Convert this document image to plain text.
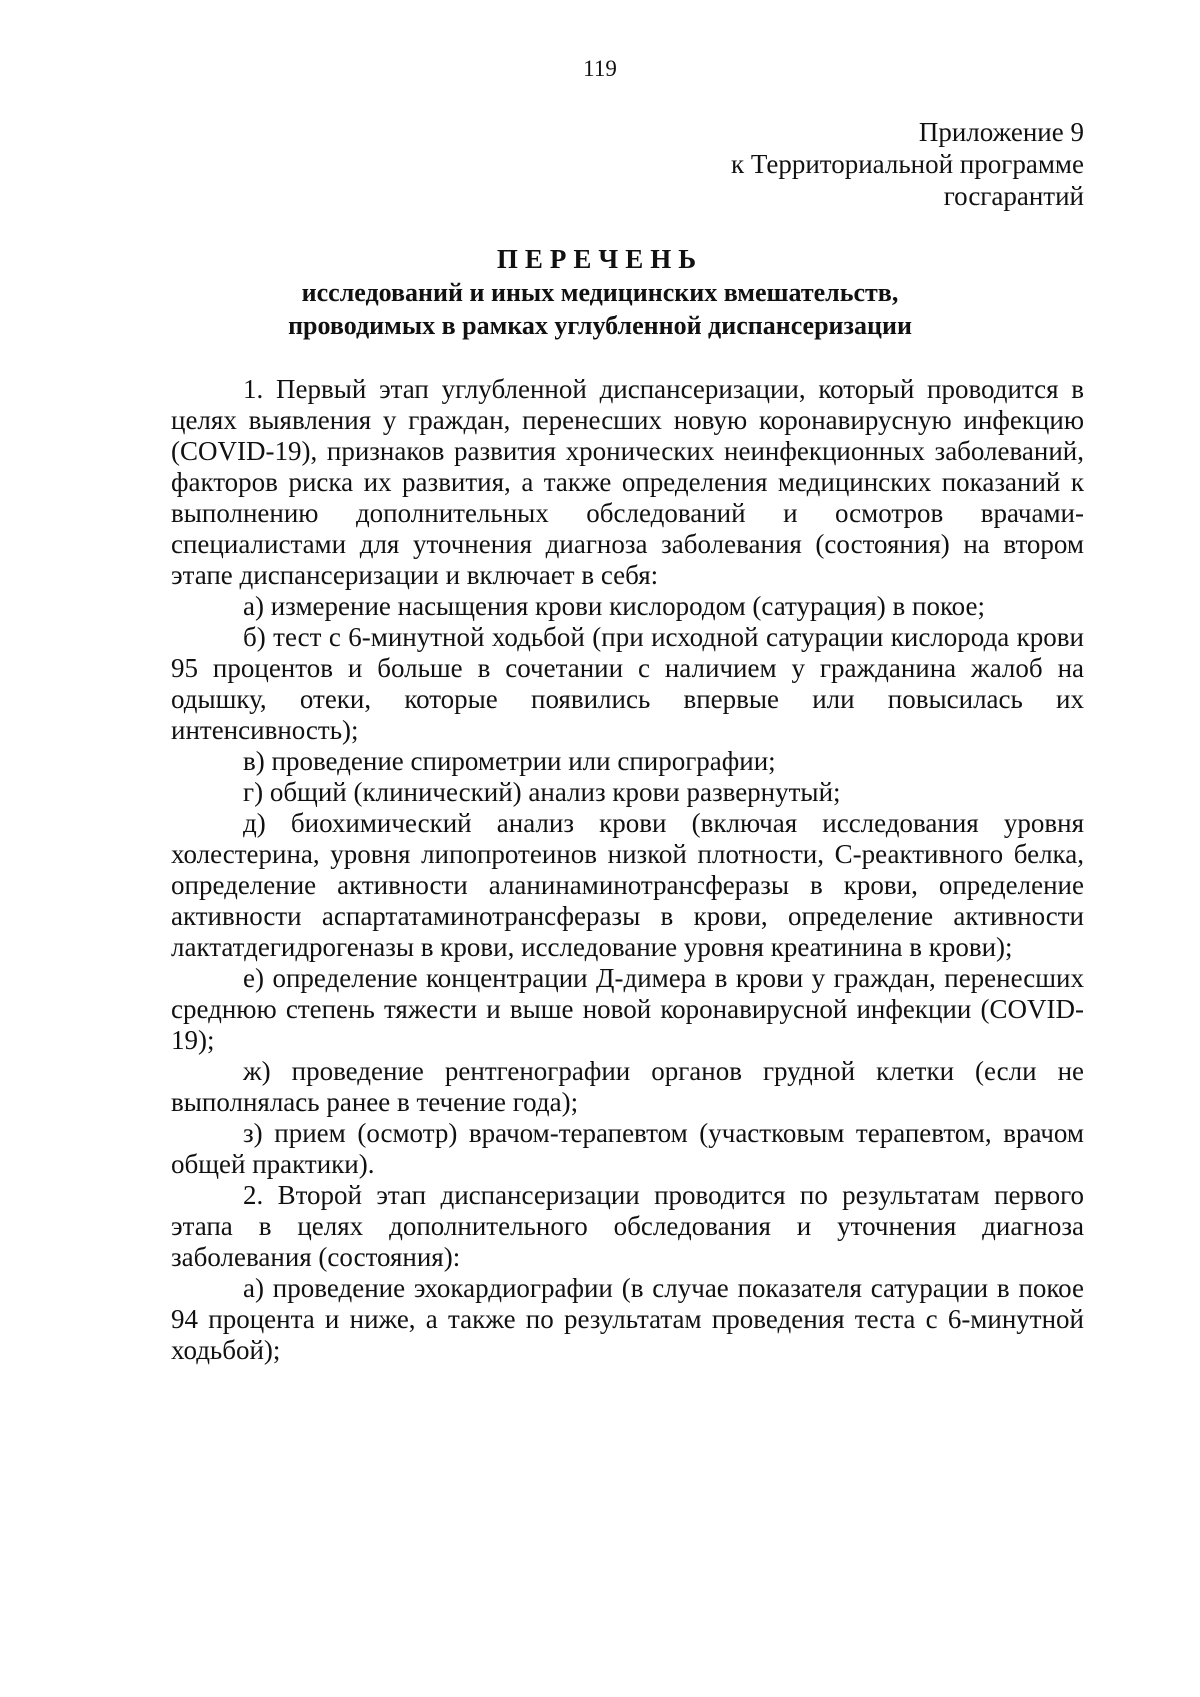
119
Приложение 9
к Территориальной программе
госгарантий
ПЕРЕЧЕНЬ
исследований и иных медицинских вмешательств,
проводимых в рамках углубленной диспансеризации

1. Первый этап углубленной диспансеризации, который проводится в целях выявления у граждан, перенесших новую коронавирусную инфекцию (COVID-19), признаков развития хронических неинфекционных заболеваний, факторов риска их развития, а также определения медицинских показаний к выполнению дополнительных обследований и осмотров врачами-специалистами для уточнения диагноза заболевания (состояния) на втором этапе диспансеризации и включает в себя:

а) измерение насыщения крови кислородом (сатурация) в покое;

б) тест с 6-минутной ходьбой (при исходной сатурации кислорода крови 95 процентов и больше в сочетании с наличием у гражданина жалоб на одышку, отеки, которые появились впервые или повысилась их интенсивность);

в) проведение спирометрии или спирографии;

г) общий (клинический) анализ крови развернутый;

д) биохимический анализ крови (включая исследования уровня холестерина, уровня липопротеинов низкой плотности, С-реактивного белка, определение активности аланинаминотрансферазы в крови, определение активности аспартатаминотрансферазы в крови, определение активности лактатдегидрогеназы в крови, исследование уровня креатинина в крови);

е) определение концентрации Д-димера в крови у граждан, перенесших среднюю степень тяжести и выше новой коронавирусной инфекции (COVID-19);

ж) проведение рентгенографии органов грудной клетки (если не выполнялась ранее в течение года);

з) прием (осмотр) врачом-терапевтом (участковым терапевтом, врачом общей практики).

2. Второй этап диспансеризации проводится по результатам первого этапа в целях дополнительного обследования и уточнения диагноза заболевания (состояния):

а) проведение эхокардиографии (в случае показателя сатурации в покое 94 процента и ниже, а также по результатам проведения теста с 6-минутной ходьбой);
